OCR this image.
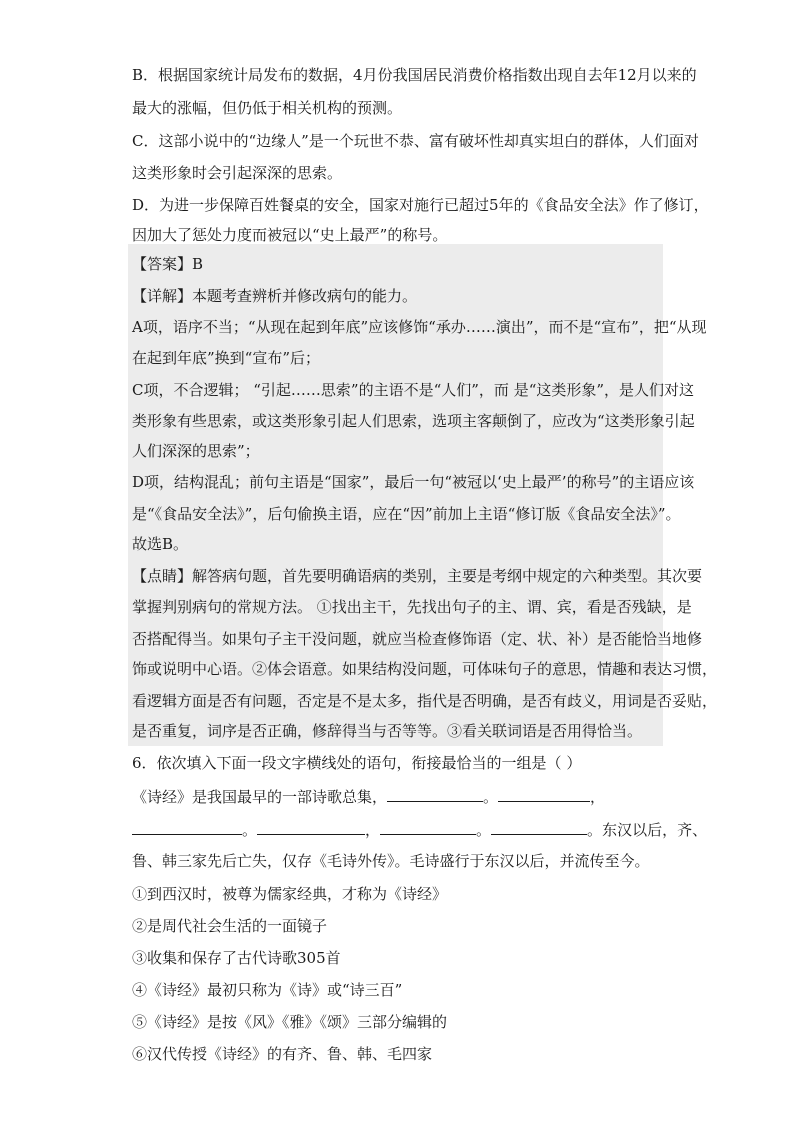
B．根据国家统计局发布的数据，4月份我国居民消费价格指数出现自去年12月以来的
最大的涨幅，但仍低于相关机构的预测。
C．这部小说中的“边缘人”是一个玩世不恭、富有破坏性却真实坦白的群体，人们面对
这类形象时会引起深深的思索。
D．为进一步保障百姓餐桌的安全，国家对施行已超过5年的《食品安全法》作了修订，
因加大了惩处力度而被冠以“史上最严”的称号。
【答案】B
【详解】本题考查辨析并修改病句的能力。
A项，语序不当；“从现在起到年底”应该修饰“承办……演出”，而不是“宣布”，把“从现
在起到年底”换到“宣布”后；
C项，不合逻辑； “引起……思索”的主语不是“人们”，而 是“这类形象”，是人们对这
类形象有些思索，或这类形象引起人们思索，选项主客颠倒了，应改为“这类形象引起
人们深深的思索”；
D项，结构混乱；前句主语是“国家”，最后一句“被冠以‘史上最严’的称号”的主语应该
是“《食品安全法》”，后句偷换主语，应在“因”前加上主语“修订版《食品安全法》”。
故选B。
【点睛】解答病句题，首先要明确语病的类别，主要是考纲中规定的六种类型。其次要
掌握判别病句的常规方法。 ①找出主干，先找出句子的主、谓、宾，看是否残缺，是
否搭配得当。如果句子主干没问题，就应当检查修饰语（定、状、补）是否能恰当地修
饰或说明中心语。②体会语意。如果结构没问题，可体味句子的意思，情趣和表达习惯，
看逻辑方面是否有问题，否定是不是太多，指代是否明确，是否有歧义，用词是否妥贴，
是否重复，词序是否正确，修辞得当与否等等。③看关联词语是否用得恰当。
6．依次填入下面一段文字横线处的语句，衔接最恰当的一组是（ ）
《诗经》是我国最早的一部诗歌总集，	。	，
。	，	。	。东汉以后，齐、
鲁、韩三家先后亡失，仅存《毛诗外传》。毛诗盛行于东汉以后，并流传至今。
①到西汉时，被尊为儒家经典，才称为《诗经》
②是周代社会生活的一面镜子
③收集和保存了古代诗歌305首
④《诗经》最初只称为《诗》或“诗三百”
⑤《诗经》是按《风》《雅》《颂》三部分编辑的
⑥汉代传授《诗经》的有齐、鲁、韩、毛四家
